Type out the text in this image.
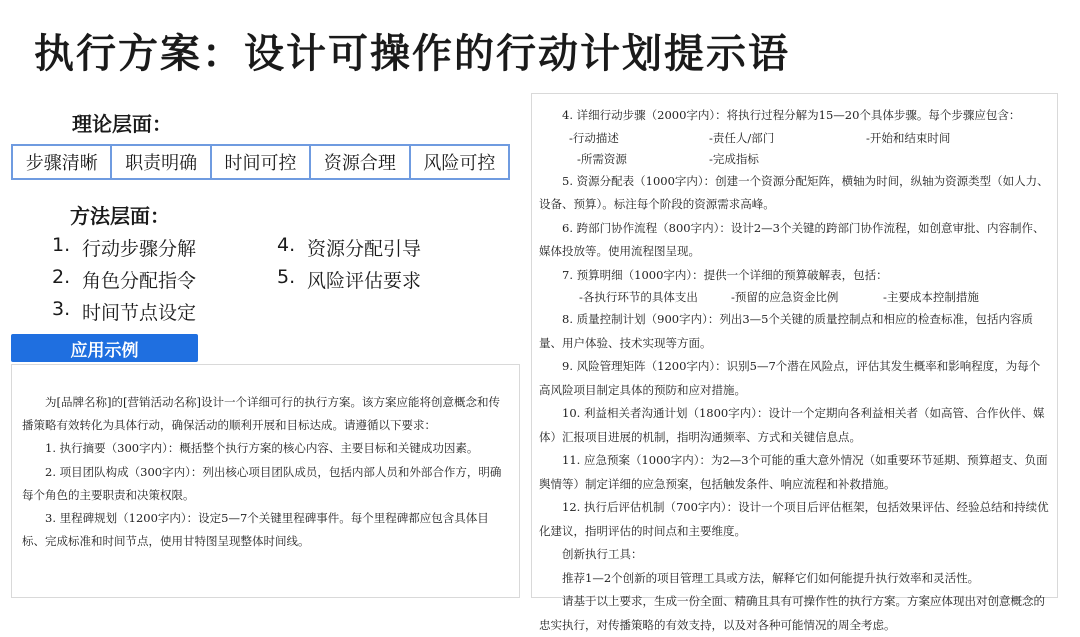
执行方案：设计可操作的行动计划提示语
理论层面：
步骤清晰	职责明确	时间可控	资源合理	风险可控
方法层面：
1. 行动步骤分解
2. 角色分配指令
3. 时间节点设定
4. 资源分配引导
5. 风险评估要求
应用示例

为[品牌名称]的[营销活动名称]设计一个详细可行的执行方案。该方案应能将创意概念和传播策略有效转化为具体行动，确保活动的顺利开展和目标达成。请遵循以下要求：

1. 执行摘要（300字内）：概括整个执行方案的核心内容、主要目标和关键成功因素。

2. 项目团队构成（300字内）：列出核心项目团队成员，包括内部人员和外部合作方，明确每个角色的主要职责和决策权限。

3. 里程碑规划（1200字内）：设定5—7个关键里程碑事件。每个里程碑都应包含具体目标、完成标准和时间节点，使用甘特图呈现整体时间线。

4. 详细行动步骤（2000字内）：将执行过程分解为15—20个具体步骤。每个步骤应包含：

-行动描述	-责任人/部门	-开始和结束时间
-所需资源	-完成指标

5. 资源分配表（1000字内）：创建一个资源分配矩阵，横轴为时间，纵轴为资源类型（如人力、设备、预算）。标注每个阶段的资源需求高峰。

6. 跨部门协作流程（800字内）：设计2—3个关键的跨部门协作流程，如创意审批、内容制作、媒体投放等。使用流程图呈现。

7. 预算明细（1000字内）：提供一个详细的预算破解表，包括：

-各执行环节的具体支出	-预留的应急资金比例	-主要成本控制措施

8. 质量控制计划（900字内）：列出3—5个关键的质量控制点和相应的检查标准，包括内容质量、用户体验、技术实现等方面。

9. 风险管理矩阵（1200字内）：识别5—7个潜在风险点，评估其发生概率和影响程度，为每个高风险项目制定具体的预防和应对措施。

10. 利益相关者沟通计划（1800字内）：设计一个定期向各利益相关者（如高管、合作伙伴、媒体）汇报项目进展的机制，指明沟通频率、方式和关键信息点。

11. 应急预案（1000字内）：为2—3个可能的重大意外情况（如重要环节延期、预算超支、负面舆情等）制定详细的应急预案，包括触发条件、响应流程和补救措施。

12. 执行后评估机制（700字内）：设计一个项目后评估框架，包括效果评估、经验总结和持续优化建议，指明评估的时间点和主要维度。

创新执行工具：

推荐1—2个创新的项目管理工具或方法，解释它们如何能提升执行效率和灵活性。

请基于以上要求，生成一份全面、精确且具有可操作性的执行方案。方案应体现出对创意概念的忠实执行，对传播策略的有效支持，以及对各种可能情况的周全考虑。
